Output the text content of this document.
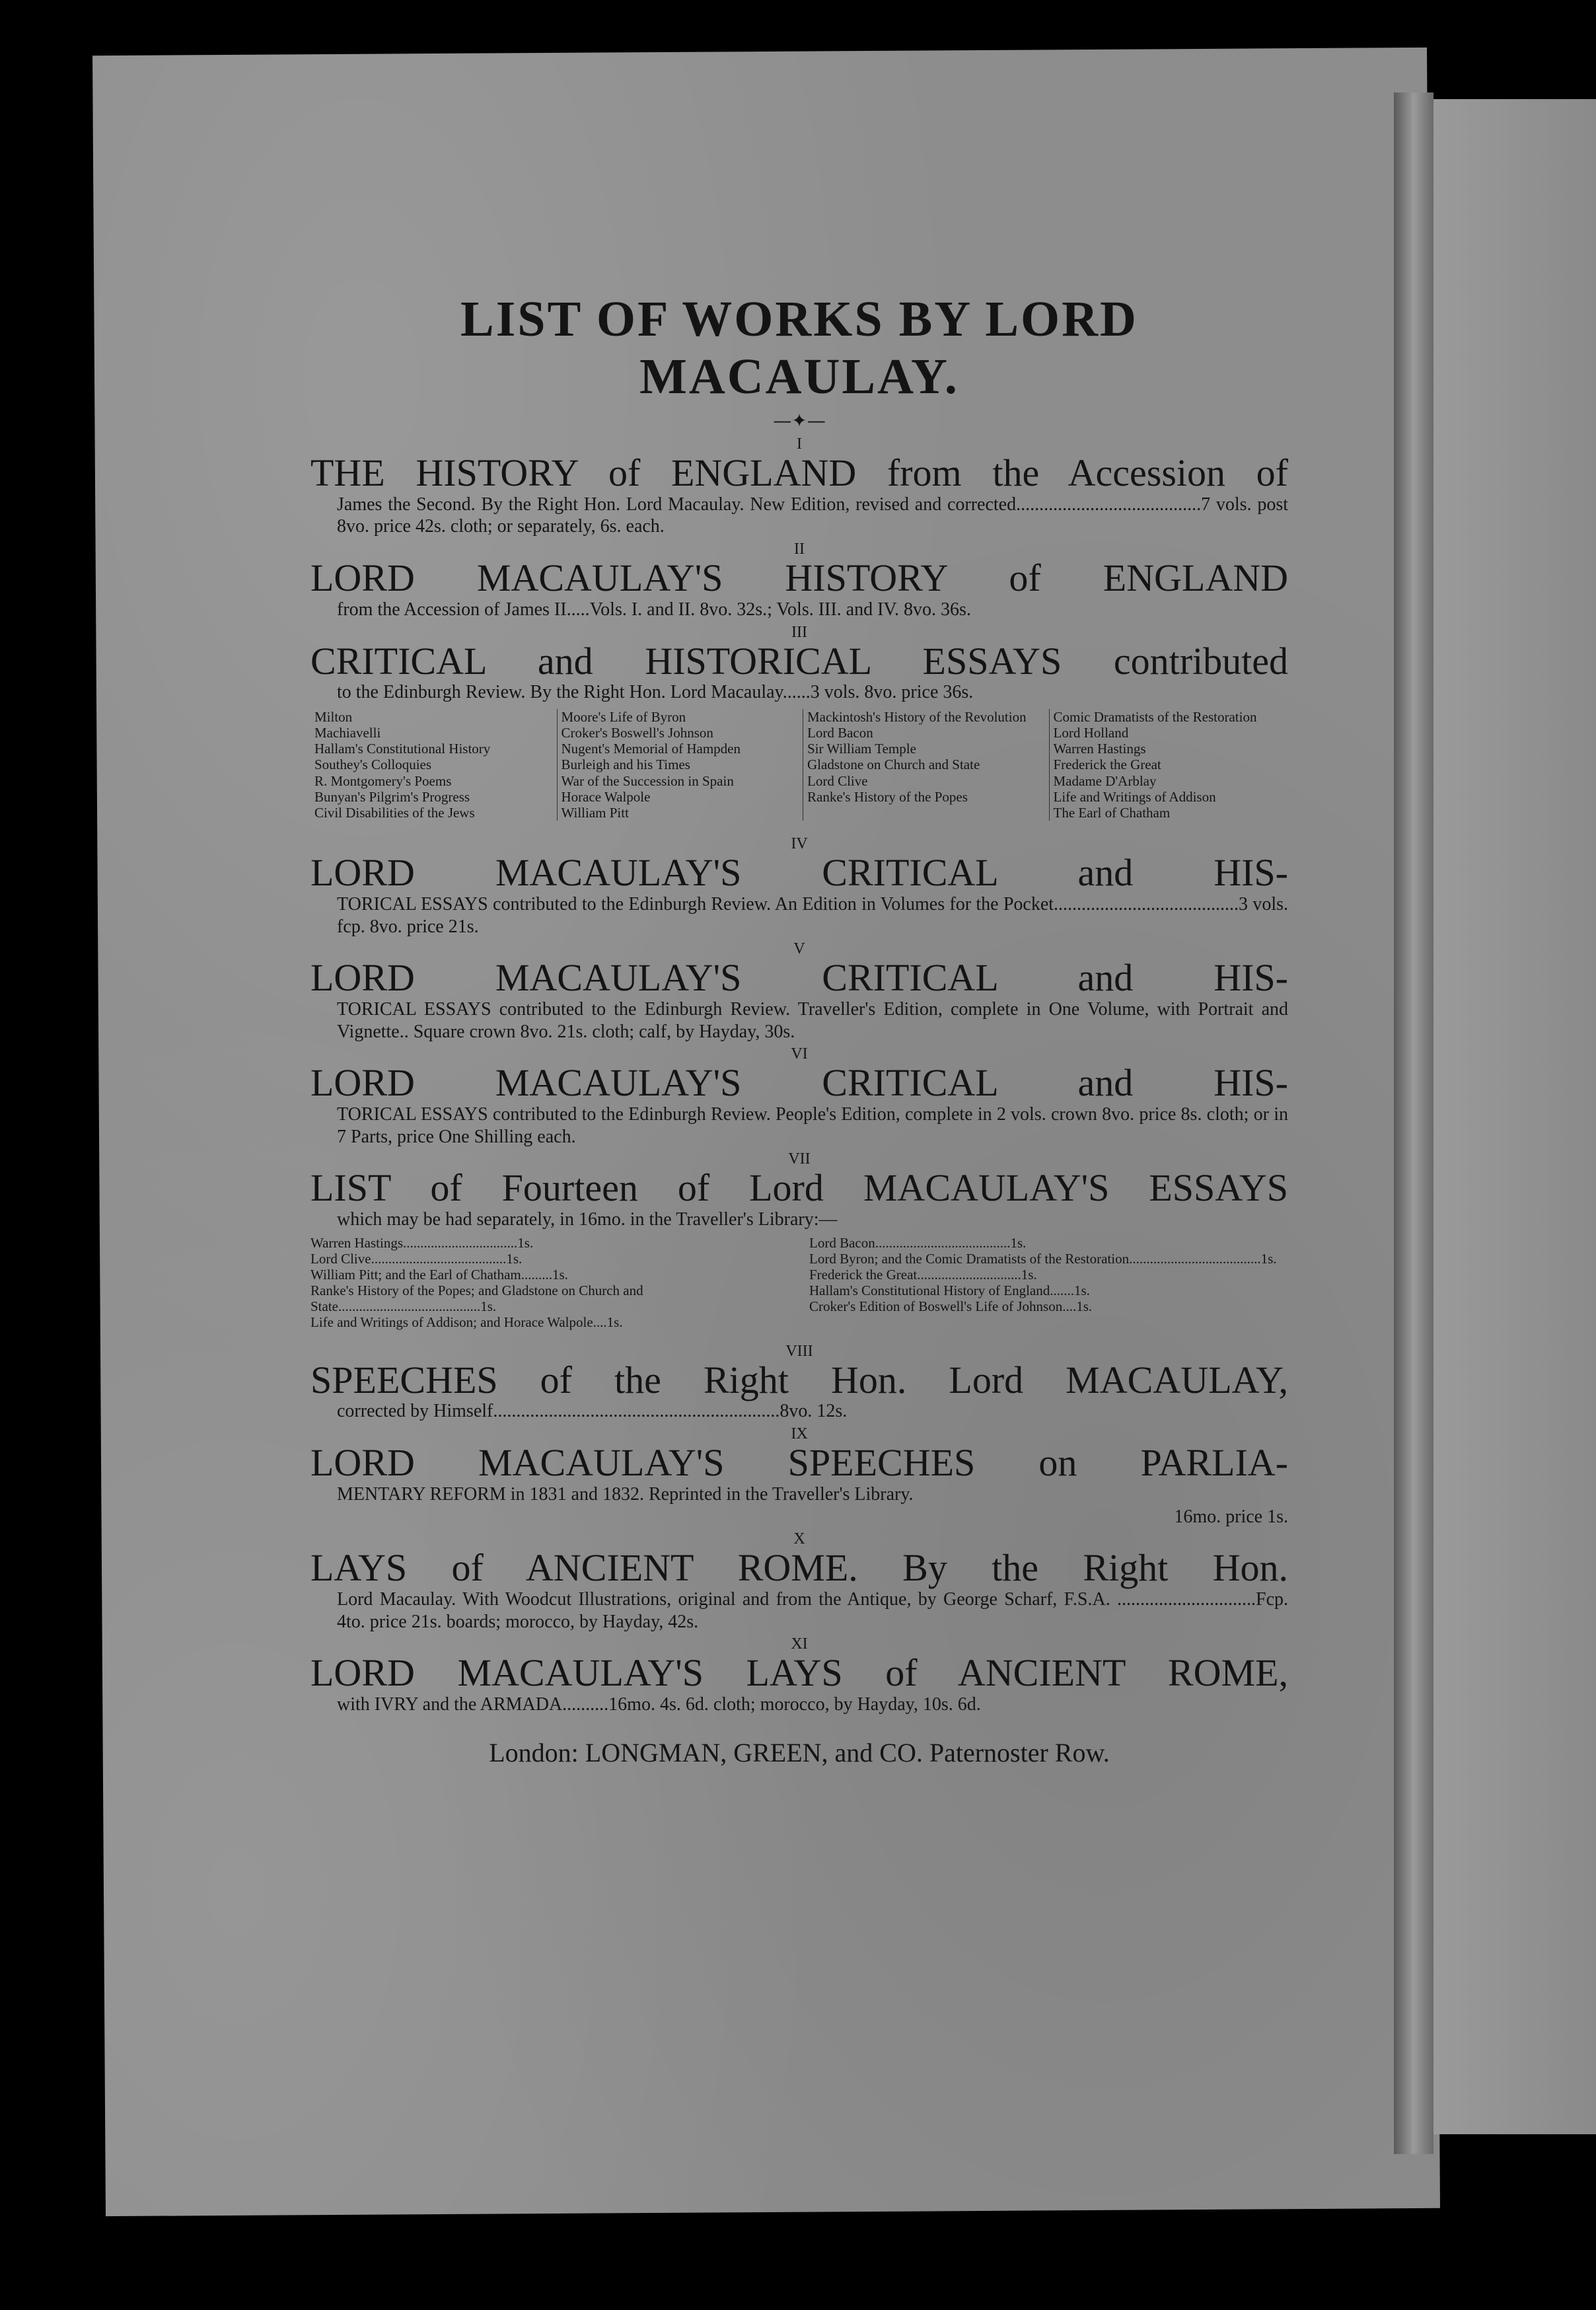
LIST OF WORKS BY LORD MACAULAY.
—✦—
I
THE HISTORY of ENGLAND from the Accession of
James the Second. By the Right Hon. Lord Macaulay. New Edition, revised and corrected........................................7 vols. post 8vo. price 42s. cloth; or separately, 6s. each.
II
LORD MACAULAY'S HISTORY of ENGLAND
from the Accession of James II.....Vols. I. and II. 8vo. 32s.; Vols. III. and IV. 8vo. 36s.
III
CRITICAL and HISTORICAL ESSAYS contributed
to the Edinburgh Review. By the Right Hon. Lord Macaulay......3 vols. 8vo. price 36s.
Milton
Machiavelli
Hallam's Constitutional History
Southey's Colloquies
R. Montgomery's Poems
Bunyan's Pilgrim's Progress
Civil Disabilities of the Jews
Moore's Life of Byron
Croker's Boswell's Johnson
Nugent's Memorial of Hampden
Burleigh and his Times
War of the Succession in Spain
Horace Walpole
William Pitt
Mackintosh's History of the Revolution
Lord Bacon
Sir William Temple
Gladstone on Church and State
Lord Clive
Ranke's History of the Popes
Comic Dramatists of the Restoration
Lord Holland
Warren Hastings
Frederick the Great
Madame D'Arblay
Life and Writings of Addison
The Earl of Chatham
IV
LORD MACAULAY'S CRITICAL and HIS-
TORICAL ESSAYS contributed to the Edinburgh Review. An Edition in Volumes for the Pocket........................................3 vols. fcp. 8vo. price 21s.
V
LORD MACAULAY'S CRITICAL and HIS-
TORICAL ESSAYS contributed to the Edinburgh Review. Traveller's Edition, complete in One Volume, with Portrait and Vignette.. Square crown 8vo. 21s. cloth; calf, by Hayday, 30s.
VI
LORD MACAULAY'S CRITICAL and HIS-
TORICAL ESSAYS contributed to the Edinburgh Review. People's Edition, complete in 2 vols. crown 8vo. price 8s. cloth; or in 7 Parts, price One Shilling each.
VII
LIST of Fourteen of Lord MACAULAY'S ESSAYS
which may be had separately, in 16mo. in the Traveller's Library:—
Warren Hastings.................................1s.
Lord Clive.......................................1s.
William Pitt; and the Earl of Chatham.........1s.
Ranke's History of the Popes; and Gladstone on Church and State.........................................1s.
Life and Writings of Addison; and Horace Walpole....1s.
Lord Bacon.......................................1s.
Lord Byron; and the Comic Dramatists of the Restoration......................................1s.
Frederick the Great..............................1s.
Hallam's Constitutional History of England.......1s.
Croker's Edition of Boswell's Life of Johnson....1s.
VIII
SPEECHES of the Right Hon. Lord MACAULAY,
corrected by Himself..............................................................8vo. 12s.
IX
LORD MACAULAY'S SPEECHES on PARLIA-
MENTARY REFORM in 1831 and 1832. Reprinted in the Traveller's Library.
16mo. price 1s.
X
LAYS of ANCIENT ROME. By the Right Hon.
Lord Macaulay. With Woodcut Illustrations, original and from the Antique, by George Scharf, F.S.A. ..............................Fcp. 4to. price 21s. boards; morocco, by Hayday, 42s.
XI
LORD MACAULAY'S LAYS of ANCIENT ROME,
with IVRY and the ARMADA..........16mo. 4s. 6d. cloth; morocco, by Hayday, 10s. 6d.
London: LONGMAN, GREEN, and CO. Paternoster Row.
